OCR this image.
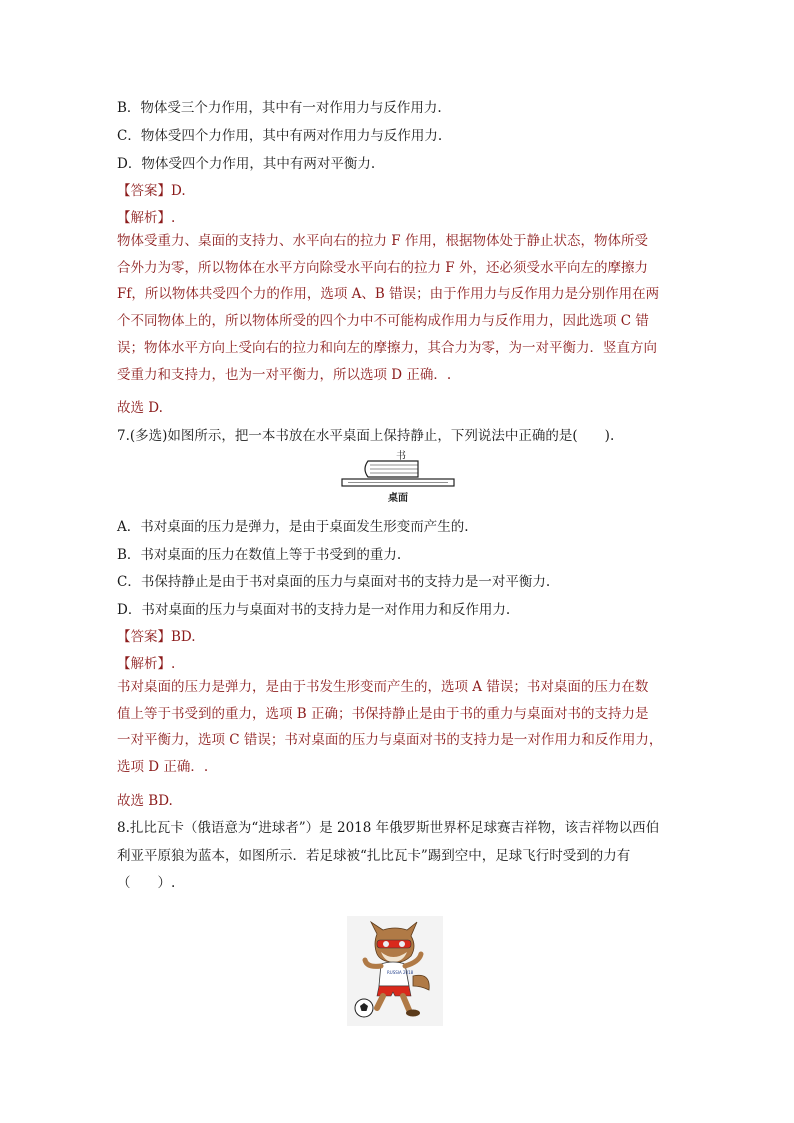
B．物体受三个力作用，其中有一对作用力与反作用力.
C．物体受四个力作用，其中有两对作用力与反作用力.
D．物体受四个力作用，其中有两对平衡力.
【答案】D.
【解析】.
物体受重力、桌面的支持力、水平向右的拉力 F 作用，根据物体处于静止状态，物体所受
合外力为零，所以物体在水平方向除受水平向右的拉力 F 外，还必须受水平向左的摩擦力
Ff，所以物体共受四个力的作用，选项 A、B 错误；由于作用力与反作用力是分别作用在两
个不同物体上的，所以物体所受的四个力中不可能构成作用力与反作用力，因此选项 C 错
误；物体水平方向上受向右的拉力和向左的摩擦力，其合力为零，为一对平衡力．竖直方向
受重力和支持力，也为一对平衡力，所以选项 D 正确．.
故选 D.
7.(多选)如图所示，把一本书放在水平桌面上保持静止，下列说法中正确的是(　　).
书
桌面
A．书对桌面的压力是弹力，是由于桌面发生形变而产生的.
B．书对桌面的压力在数值上等于书受到的重力.
C．书保持静止是由于书对桌面的压力与桌面对书的支持力是一对平衡力.
D．书对桌面的压力与桌面对书的支持力是一对作用力和反作用力.
【答案】BD.
【解析】.
书对桌面的压力是弹力，是由于书发生形变而产生的，选项 A 错误；书对桌面的压力在数
值上等于书受到的重力，选项 B 正确；书保持静止是由于书的重力与桌面对书的支持力是
一对平衡力，选项 C 错误；书对桌面的压力与桌面对书的支持力是一对作用力和反作用力，
选项 D 正确．.
故选 BD.
8.扎比瓦卡（俄语意为“进球者”）是 2018 年俄罗斯世界杯足球赛吉祥物，该吉祥物以西伯
利亚平原狼为蓝本，如图所示．若足球被“扎比瓦卡”踢到空中，足球飞行时受到的力有
（　　）.
RUSSIA 2018
